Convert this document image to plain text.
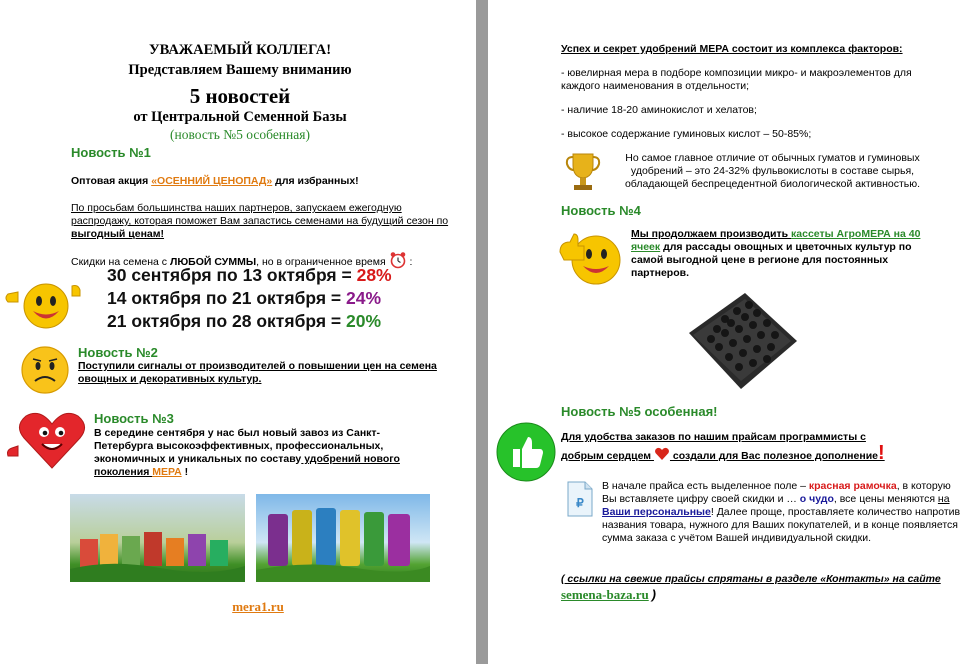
УВАЖАЕМЫЙ КОЛЛЕГА!
Представляем Вашему вниманию
5 новостей
от Центральной Семенной Базы
(новость №5 особенная)
Новость №1
Оптовая акция «ОСЕННИЙ ЦЕНОПАД» для избранных!
По просьбам большинства наших партнеров, запускаем ежегодную распродажу, которая поможет Вам запастись семенами на будущий сезон по выгодный ценам!
Скидки на семена с ЛЮБОЙ СУММЫ, но в ограниченное время  :
30 сентября по 13 октября = 28%
14 октября по 21 октября = 24%
21 октября по 28 октября = 20%
Новость №2
Поступили сигналы от производителей о повышении цен на семена овощных и декоративных культур.
Новость №3
В середине сентября у нас был новый завоз из Санкт-Петербурга высокоэффективных, профессиональных, экономичных и уникальных по составу удобрений нового поколения МЕРА !
mera1.ru
Успех и секрет удобрений МЕРА состоит из комплекса факторов:
- ювелирная мера в подборе композиции микро- и макроэлементов для каждого наименования в отдельности;
- наличие 18-20 аминокислот и хелатов;
- высокое содержание гуминовых кислот – 50-85%;
Но самое главное отличие от обычных гуматов и гуминовых удобрений – это 24-32% фульвокислоты в составе сырья, обладающей беспрецедентной биологической активностью.
Новость №4
Мы продолжаем производить кассеты АгроМЕРА на 40 ячеек для рассады овощных и цветочных культур по самой выгодной цене в регионе для постоянных партнеров.
Новость №5 особенная!
Для удобства заказов по нашим прайсам программисты с добрым сердцем  создали для Вас полезное дополнение!
₽
В начале прайса есть выделенное поле – красная рамочка, в которую Вы вставляете цифру своей скидки и … о чудо, все цены меняются на Ваши персональные! Далее проще, проставляете количество напротив названия товара, нужного для Ваших покупателей, и в конце появляется сумма заказа с учётом Вашей индивидуальной скидки.
( ссылки на свежие прайсы спрятаны в разделе «Контакты» на сайте semena-baza.ru )
